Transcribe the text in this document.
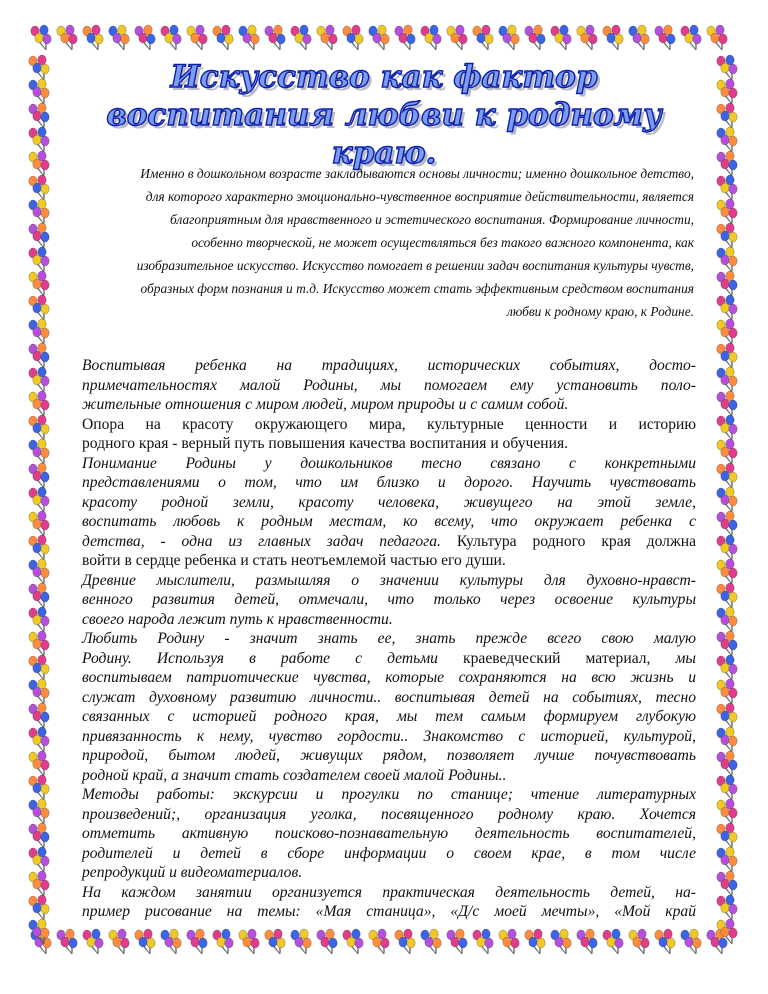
Искусство как фактор
воспитания любви к родному краю.
Именно в дошкольном возрасте закладываются основы личности; именно дошкольное детство,
для которого характерно эмоционально-чувственное восприятие действительности, является
благоприятным для нравственного и эстетического воспитания. Формирование личности,
особенно творческой, не может осуществляться без такого важного компонента, как
изобразительное искусство. Искусство помогает в решении задач воспитания культуры чувств,
образных форм познания и т.д. Искусство может стать эффективным средством воспитания
любви к родному краю, к Родине.
Воспитывая ребенка на традициях, исторических событиях, досто-
примечательностях малой Родины, мы помогаем ему установить поло-
жительные отношения с миром людей, миром природы и с самим собой.
Опора на красоту окружающего мира, культурные ценности и историю
родного края - верный путь повышения качества воспитания и обучения.
Понимание Родины у дошкольников тесно связано с конкретными
представлениями о том, что им близко и дорого. Научить чувствовать
красоту родной земли, красоту человека, живущего на этой земле,
воспитать любовь к родным местам, ко всему, что окружает ребенка с
детства, - одна из главных задач педагога. Культура родного края должна
войти в сердце ребенка и стать неотъемлемой частью его души.
Древние мыслители, размышляя о значении культуры для духовно-нравст-
венного развития детей, отмечали, что только через освоение культуры
своего народа лежит путь к нравственности.
Любить Родину - значит знать ее, знать прежде всего свою малую
Родину. Используя в работе с детьми краеведческий материал, мы
воспитываем патриотические чувства, которые сохраняются на всю жизнь и
служат духовному развитию личности.. воспитывая детей на событиях, тесно
связанных с историей родного края, мы тем самым формируем глубокую
привязанность к нему, чувство гордости.. Знакомство с историей, культурой,
природой, бытом людей, живущих рядом, позволяет лучше почувствовать
родной край, а значит стать создателем своей малой Родины..
Методы работы: экскурсии и прогулки по станице; чтение литературных
произведений;, организация уголка, посвященного родному краю. Хочется
отметить активную поисково-познавательную деятельность воспитателей,
родителей и детей в сборе информации о своем крае, в том числе
репродукций и видеоматериалов.
На каждом занятии организуется практическая деятельность детей, на-
пример рисование на темы: «Мая станица», «Д/с моей мечты», «Мой край
